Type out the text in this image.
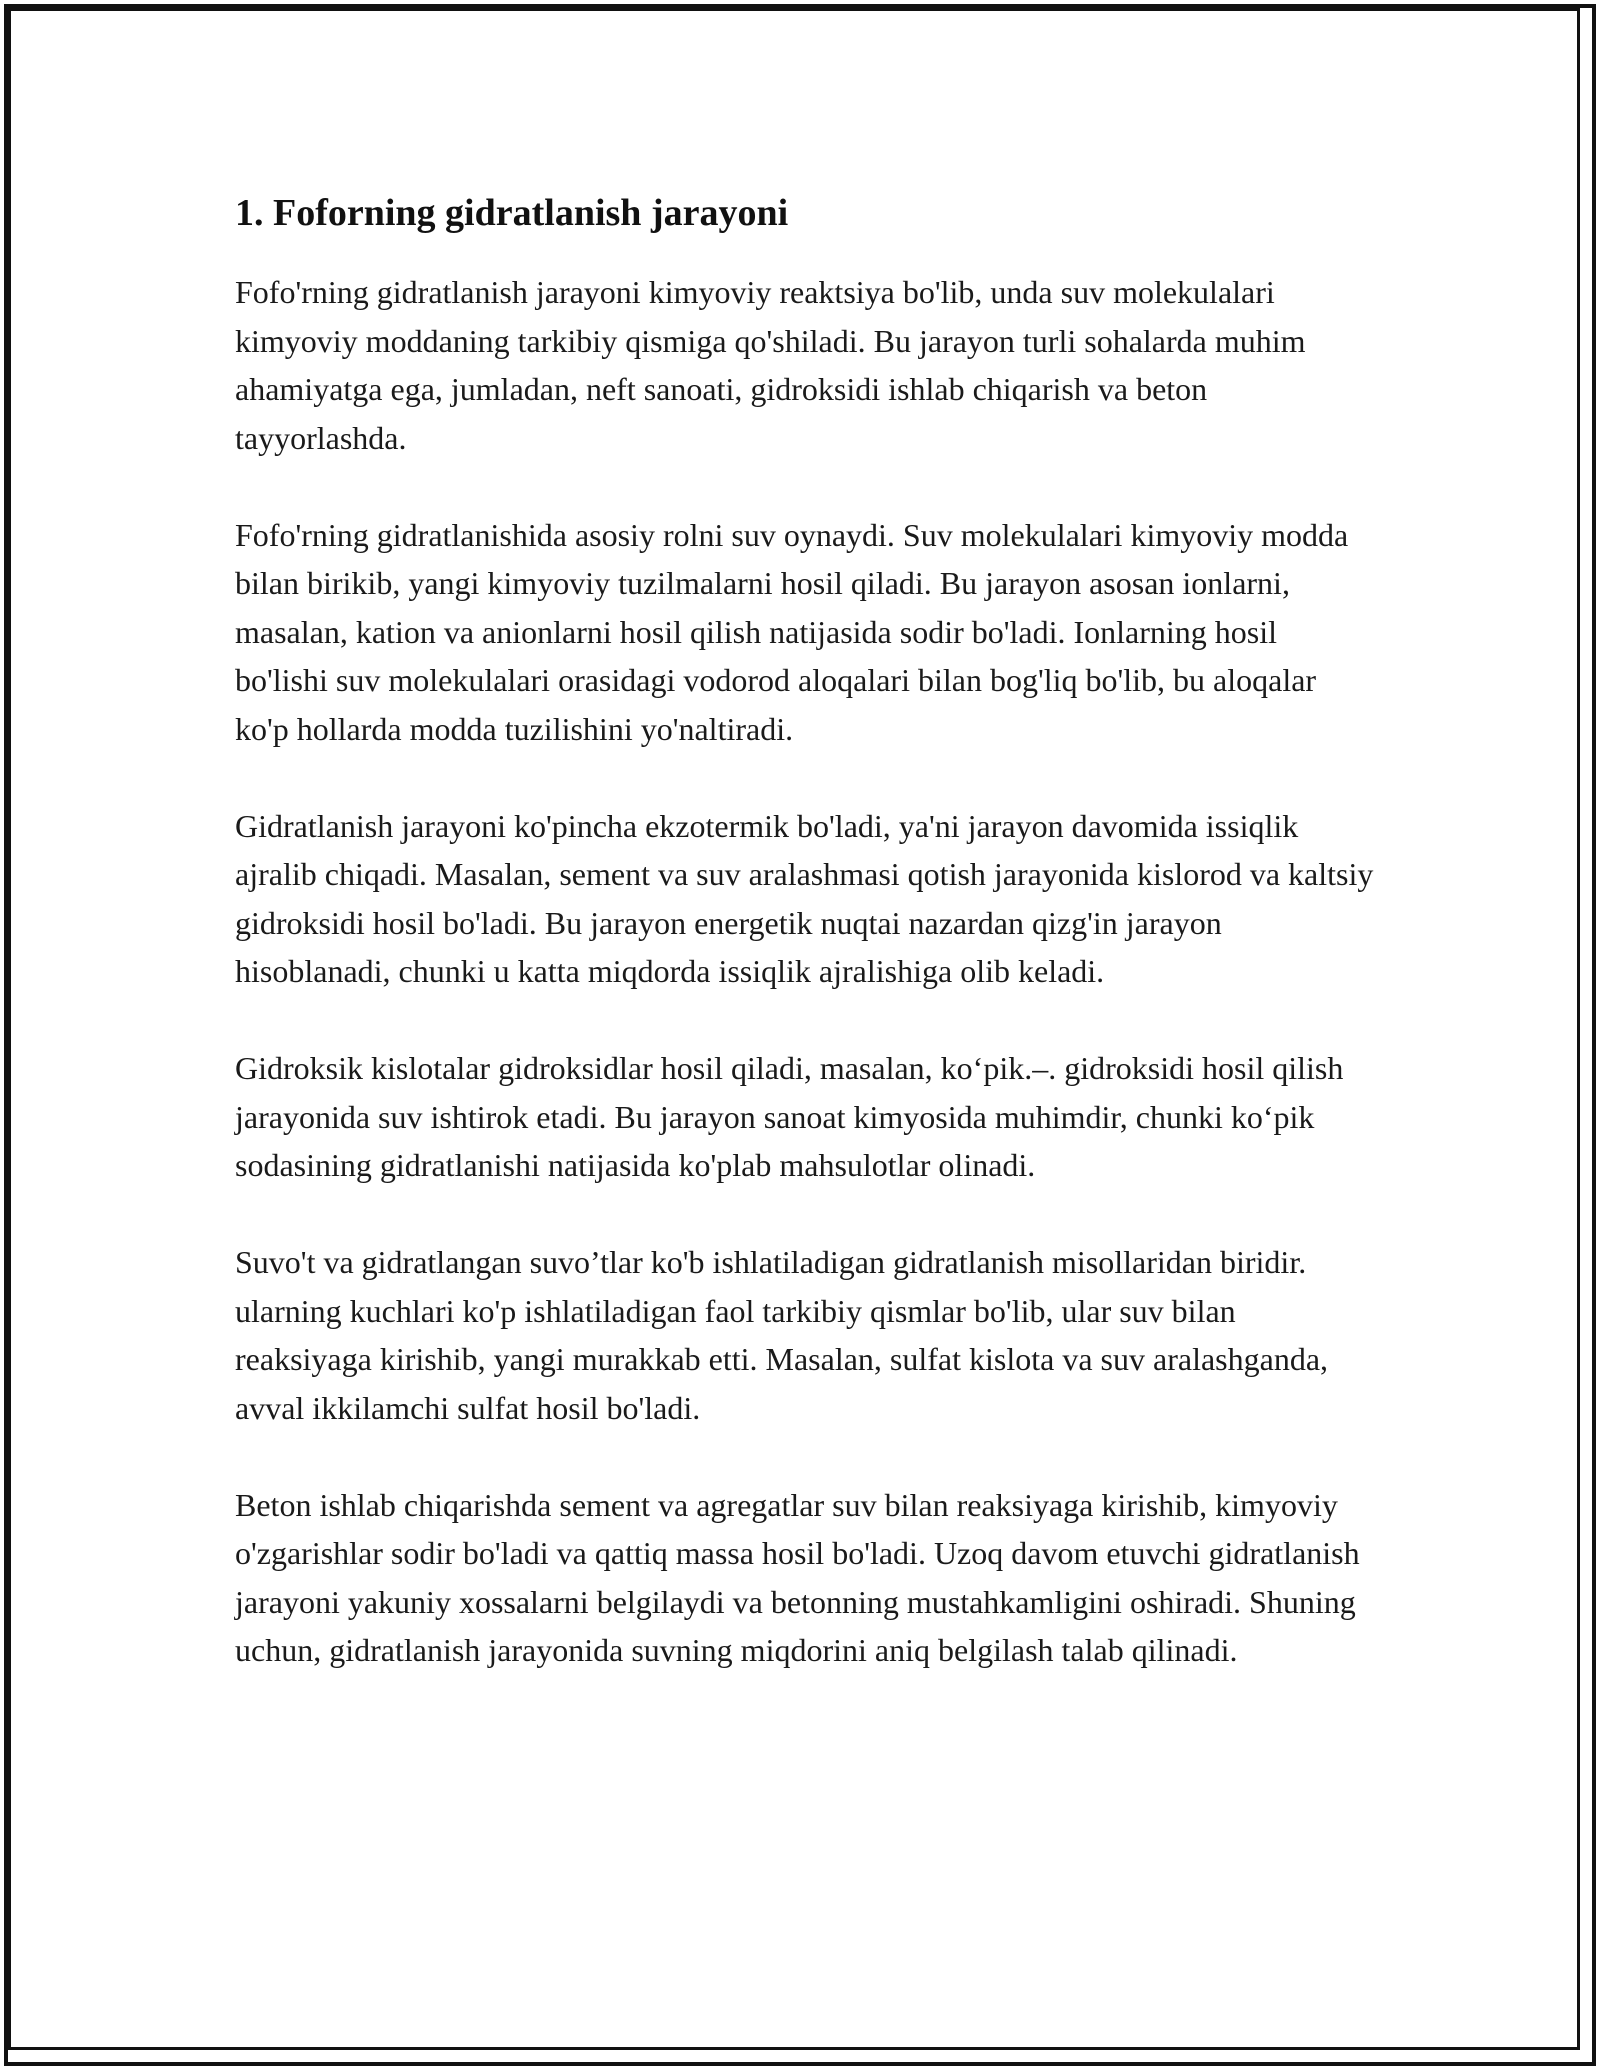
1. Foforning gidratlanish jarayoni

Fofo'rning gidratlanish jarayoni kimyoviy reaktsiya bo'lib, unda suv molekulalari kimyoviy moddaning tarkibiy qismiga qo'shiladi. Bu jarayon turli sohalarda muhim ahamiyatga ega, jumladan, neft sanoati, gidroksidi ishlab chiqarish va beton tayyorlashda.

Fofo'rning gidratlanishida asosiy rolni suv oynaydi. Suv molekulalari kimyoviy modda bilan birikib, yangi kimyoviy tuzilmalarni hosil qiladi. Bu jarayon asosan ionlarni, masalan, kation va anionlarni hosil qilish natijasida sodir bo'ladi. Ionlarning hosil bo'lishi suv molekulalari orasidagi vodorod aloqalari bilan bog'liq bo'lib, bu aloqalar ko'p hollarda modda tuzilishini yo'naltiradi.

Gidratlanish jarayoni ko'pincha ekzotermik bo'ladi, ya'ni jarayon davomida issiqlik ajralib chiqadi. Masalan, sement va suv aralashmasi qotish jarayonida kislorod va kaltsiy gidroksidi hosil bo'ladi. Bu jarayon energetik nuqtai nazardan qizg'in jarayon hisoblanadi, chunki u katta miqdorda issiqlik ajralishiga olib keladi.

Gidroksik kislotalar gidroksidlar hosil qiladi, masalan, ko‘pik.–. gidroksidi hosil qilish jarayonida suv ishtirok etadi. Bu jarayon sanoat kimyosida muhimdir, chunki ko‘pik sodasining gidratlanishi natijasida ko'plab mahsulotlar olinadi.

Suvo't va gidratlangan suvo’tlar ko'b ishlatiladigan gidratlanish misollaridan biridir. ularning kuchlari ko'p ishlatiladigan faol tarkibiy qismlar bo'lib, ular suv bilan reaksiyaga kirishib, yangi murakkab etti. Masalan, sulfat kislota va suv aralashganda, avval ikkilamchi sulfat hosil bo'ladi.

Beton ishlab chiqarishda sement va agregatlar suv bilan reaksiyaga kirishib, kimyoviy o'zgarishlar sodir bo'ladi va qattiq massa hosil bo'ladi. Uzoq davom etuvchi gidratlanish jarayoni yakuniy xossalarni belgilaydi va betonning mustahkamligini oshiradi. Shuning uchun, gidratlanish jarayonida suvning miqdorini aniq belgilash talab qilinadi.
